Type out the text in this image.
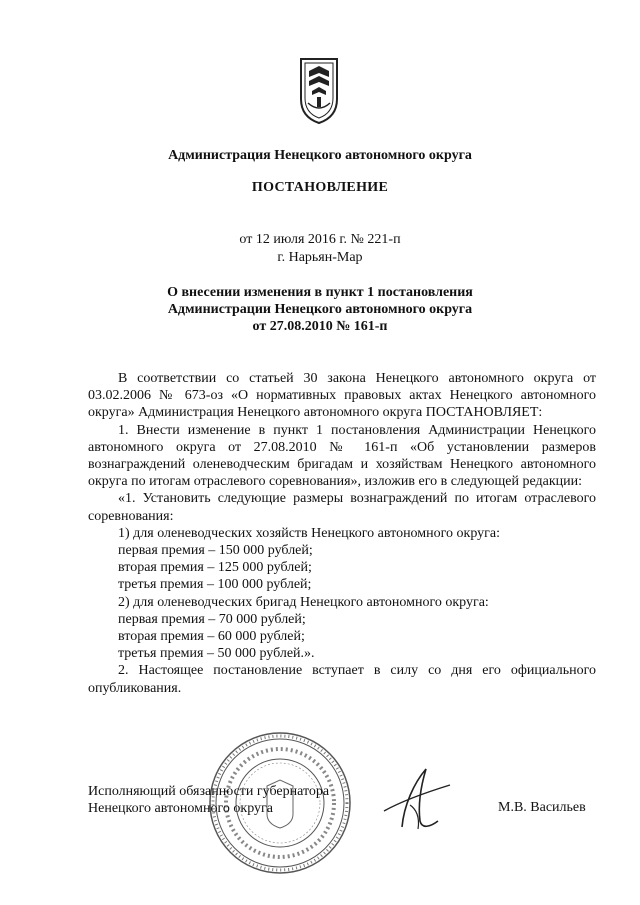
Администрация Ненецкого автономного округа
ПОСТАНОВЛЕНИЕ
от 12 июля 2016 г. № 221-п
г. Нарьян-Мар
О внесении изменения в пункт 1 постановления
Администрации Ненецкого автономного округа
от 27.08.2010 № 161-п

В соответствии со статьей 30 закона Ненецкого автономного округа от 03.02.2006 № 673-оз «О нормативных правовых актах Ненецкого автономного округа» Администрация Ненецкого автономного округа ПОСТАНОВЛЯЕТ:

1. Внести изменение в пункт 1 постановления Администрации Ненецкого автономного округа от 27.08.2010 № 161-п «Об установлении размеров вознаграждений оленеводческим бригадам и хозяйствам Ненецкого автономного округа по итогам отраслевого соревнования», изложив его в следующей редакции:

«1. Установить следующие размеры вознаграждений по итогам отраслевого соревнования:

1) для оленеводческих хозяйств Ненецкого автономного округа:

первая премия – 150 000 рублей;

вторая премия – 125 000 рублей;

третья премия – 100 000 рублей;

2) для оленеводческих бригад Ненецкого автономного округа:

первая премия – 70 000 рублей;

вторая премия – 60 000 рублей;

третья премия – 50 000 рублей.».

2. Настоящее постановление вступает в силу со дня его официального опубликования.

Исполняющий обязанности губернатора
Ненецкого автономного округа	М.В. Васильев
